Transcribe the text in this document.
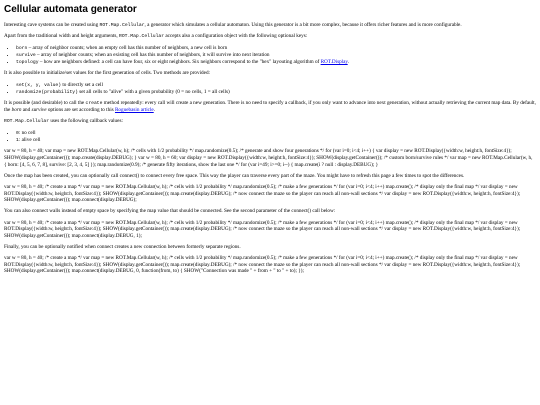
Cellular automata generator

Interesting cave systems can be created using ROT.Map.Cellular, a generator which simulates a cellular automaton. Using this generator is a bit more complex, because it offers richer features and is more configurable.

Apart from the traditional width and height arguments, ROT.Map.Cellular accepts also a configuration object with the following optional keys:

• born – array of neighbor counts; when an empty cell has this number of neighbors, a new cell is born
• survive – array of neighbor counts; when an existing cell has this number of neighbors, it will survive into next iteration
• topology – how are neighbors defined: a cell can have four, six or eight neighbors. Six neighbors correspond to the "hex" layouting algorithm of ROT.Display.

It is also possible to initialize/set values for the first generation of cells. Two methods are provided:

• set(x, y, value) to directly set a cell
• randomize(probability) set all cells to "alive" with a given probability (0 = no cells, 1 = all cells)

It is possible (and desirable) to call the create method repeatedly: every call will create a new generation. There is no need to specify a callback, if you only want to advance into next generation, without actually retrieving the current map data. By default, the born and survive options are set according to this Roguebasin article.

ROT.Map.Cellular uses the following callback values:

• 0: no cell
• 1: alive cell

var w = 80, h = 40; var map = new ROT.Map.Cellular(w, h); /* cells with 1/2 probability */ map.randomize(0.5); /* generate and show four generations */ for (var i=0; i<4; i++) { var display = new ROT.Display({width:w, height:h, fontSize:4}); SHOW(display.getContainer()); map.create(display.DEBUG); } var w = 80, h = 60; var display = new ROT.Display({width:w, height:h, fontSize:4}); SHOW(display.getContainer()); /* custom born/survive rules */ var map = new ROT.Map.Cellular(w, h, { born: [4, 5, 6, 7, 8], survive: [2, 3, 4, 5] }); map.randomize(0.9); /* generate fifty iterations, show the last one */ for (var i=49; i>=0; i--) { map.create(i ? null : display.DEBUG); }

Once the map has been created, you can optionally call connect() to connect every free space. This way the player can traverse every part of the maze. You might have to refresh this page a few times to spot the differences.

var w = 80, h = 40; /* create a map */ var map = new ROT.Map.Cellular(w, h); /* cells with 1/2 probability */ map.randomize(0.5); /* make a few generations */ for (var i=0; i<4; i++) map.create(); /* display only the final map */ var display = new ROT.Display({width:w, height:h, fontSize:4}); SHOW(display.getContainer()); map.create(display.DEBUG); /* now connect the maze so the player can reach all non-wall sections */ var display = new ROT.Display({width:w, height:h, fontSize:4}); SHOW(display.getContainer()); map.connect(display.DEBUG);

You can also connect walls instead of empty space by specifying the map value that should be connected. See the second parameter of the connect() call below:

var w = 80, h = 40; /* create a map */ var map = new ROT.Map.Cellular(w, h); /* cells with 1/2 probability */ map.randomize(0.5); /* make a few generations */ for (var i=0; i<4; i++) map.create(); /* display only the final map */ var display = new ROT.Display({width:w, height:h, fontSize:4}); SHOW(display.getContainer()); map.create(display.DEBUG); /* now connect the maze so the player can reach all non-wall sections */ var display = new ROT.Display({width:w, height:h, fontSize:4}); SHOW(display.getContainer()); map.connect(display.DEBUG, 1);

Finally, you can be optionally notified when connect creates a new connection between formerly separate regions.

var w = 80, h = 40; /* create a map */ var map = new ROT.Map.Cellular(w, h); /* cells with 1/2 probability */ map.randomize(0.5); /* make a few generations */ for (var i=0; i<4; i++) map.create(); /* display only the final map */ var display = new ROT.Display({width:w, height:h, fontSize:4}); SHOW(display.getContainer()); map.create(display.DEBUG); /* now connect the maze so the player can reach all non-wall sections */ var display = new ROT.Display({width:w, height:h, fontSize:4}); SHOW(display.getContainer()); map.connect(display.DEBUG, 0, function(from, to) { SHOW("Connection was made " + from + " to " + to); });
